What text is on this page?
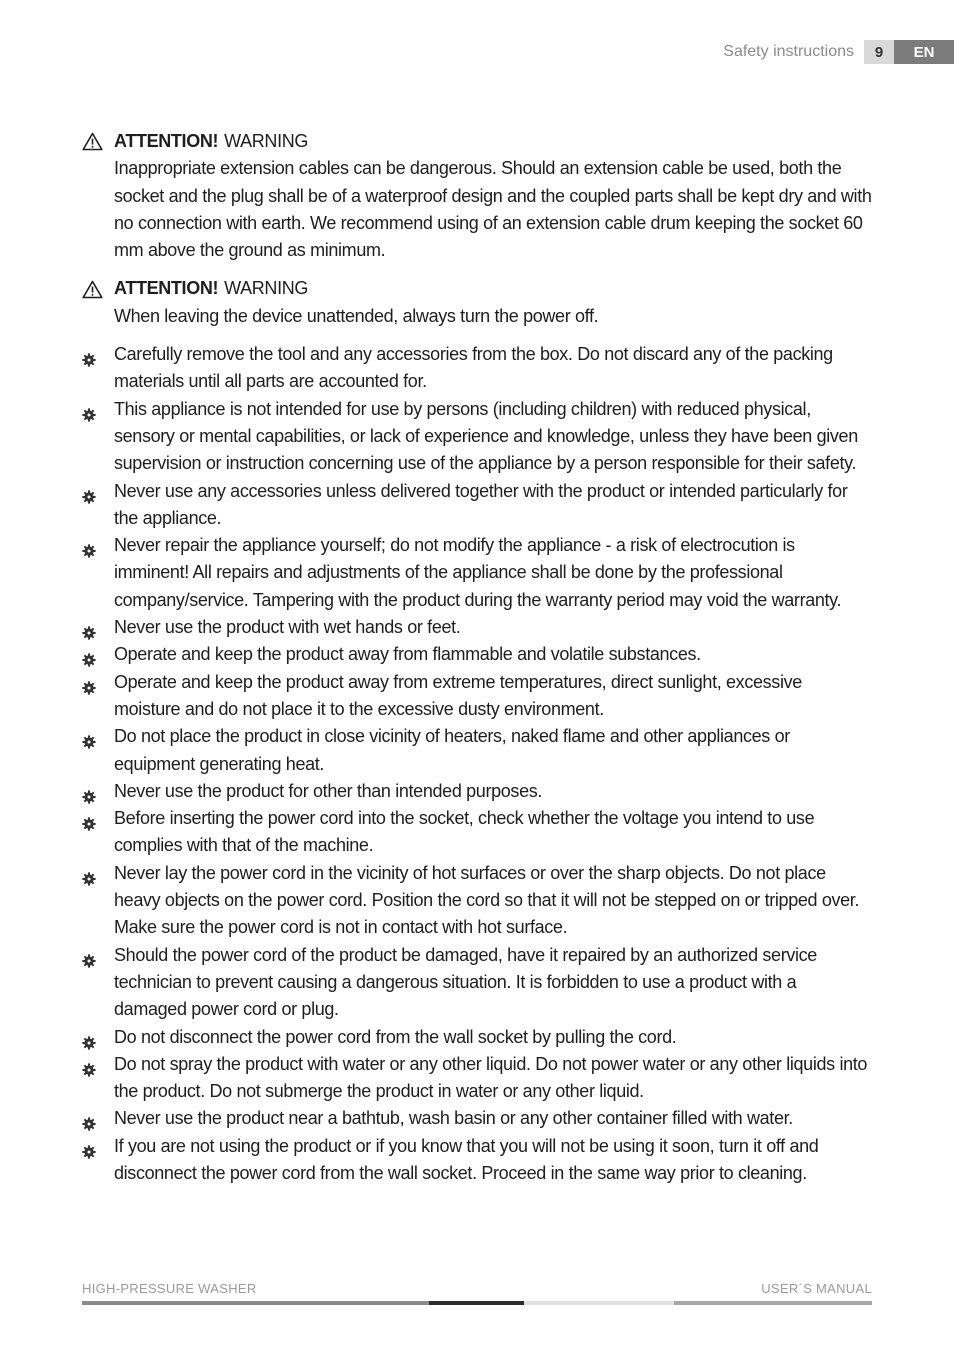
Safety instructions	9	EN
ATTENTION! WARNING
Inappropriate extension cables can be dangerous. Should an extension cable be used, both the socket and the plug shall be of a waterproof design and the coupled parts shall be kept dry and with no connection with earth. We recommend using of an extension cable drum keeping the socket 60 mm above the ground as minimum.
ATTENTION! WARNING
When leaving the device unattended, always turn the power off.
Carefully remove the tool and any accessories from the box. Do not discard any of the packing materials until all parts are accounted for.
This appliance is not intended for use by persons (including children) with reduced physical, sensory or mental capabilities, or lack of experience and knowledge, unless they have been given supervision or instruction concerning use of the appliance by a person responsible for their safety.
Never use any accessories unless delivered together with the product or intended particularly for the appliance.
Never repair the appliance yourself; do not modify the appliance - a risk of electrocution is imminent! All repairs and adjustments of the appliance shall be done by the professional company/service. Tampering with the product during the warranty period may void the warranty.
Never use the product with wet hands or feet.
Operate and keep the product away from flammable and volatile substances.
Operate and keep the product away from extreme temperatures, direct sunlight, excessive moisture and do not place it to the excessive dusty environment.
Do not place the product in close vicinity of heaters, naked flame and other appliances or equipment generating heat.
Never use the product for other than intended purposes.
Before inserting the power cord into the socket, check whether the voltage you intend to use complies with that of the machine.
Never lay the power cord in the vicinity of hot surfaces or over the sharp objects. Do not place heavy objects on the power cord. Position the cord so that it will not be stepped on or tripped over. Make sure the power cord is not in contact with hot surface.
Should the power cord of the product be damaged, have it repaired by an authorized service technician to prevent causing a dangerous situation. It is forbidden to use a product with a damaged power cord or plug.
Do not disconnect the power cord from the wall socket by pulling the cord.
Do not spray the product with water or any other liquid. Do not power water or any other liquids into the product. Do not submerge the product in water or any other liquid.
Never use the product near a bathtub, wash basin or any other container filled with water.
If you are not using the product or if you know that you will not be using it soon, turn it off and disconnect the power cord from the wall socket. Proceed in the same way prior to cleaning.
HIGH-PRESSURE WASHER	USER´S MANUAL
